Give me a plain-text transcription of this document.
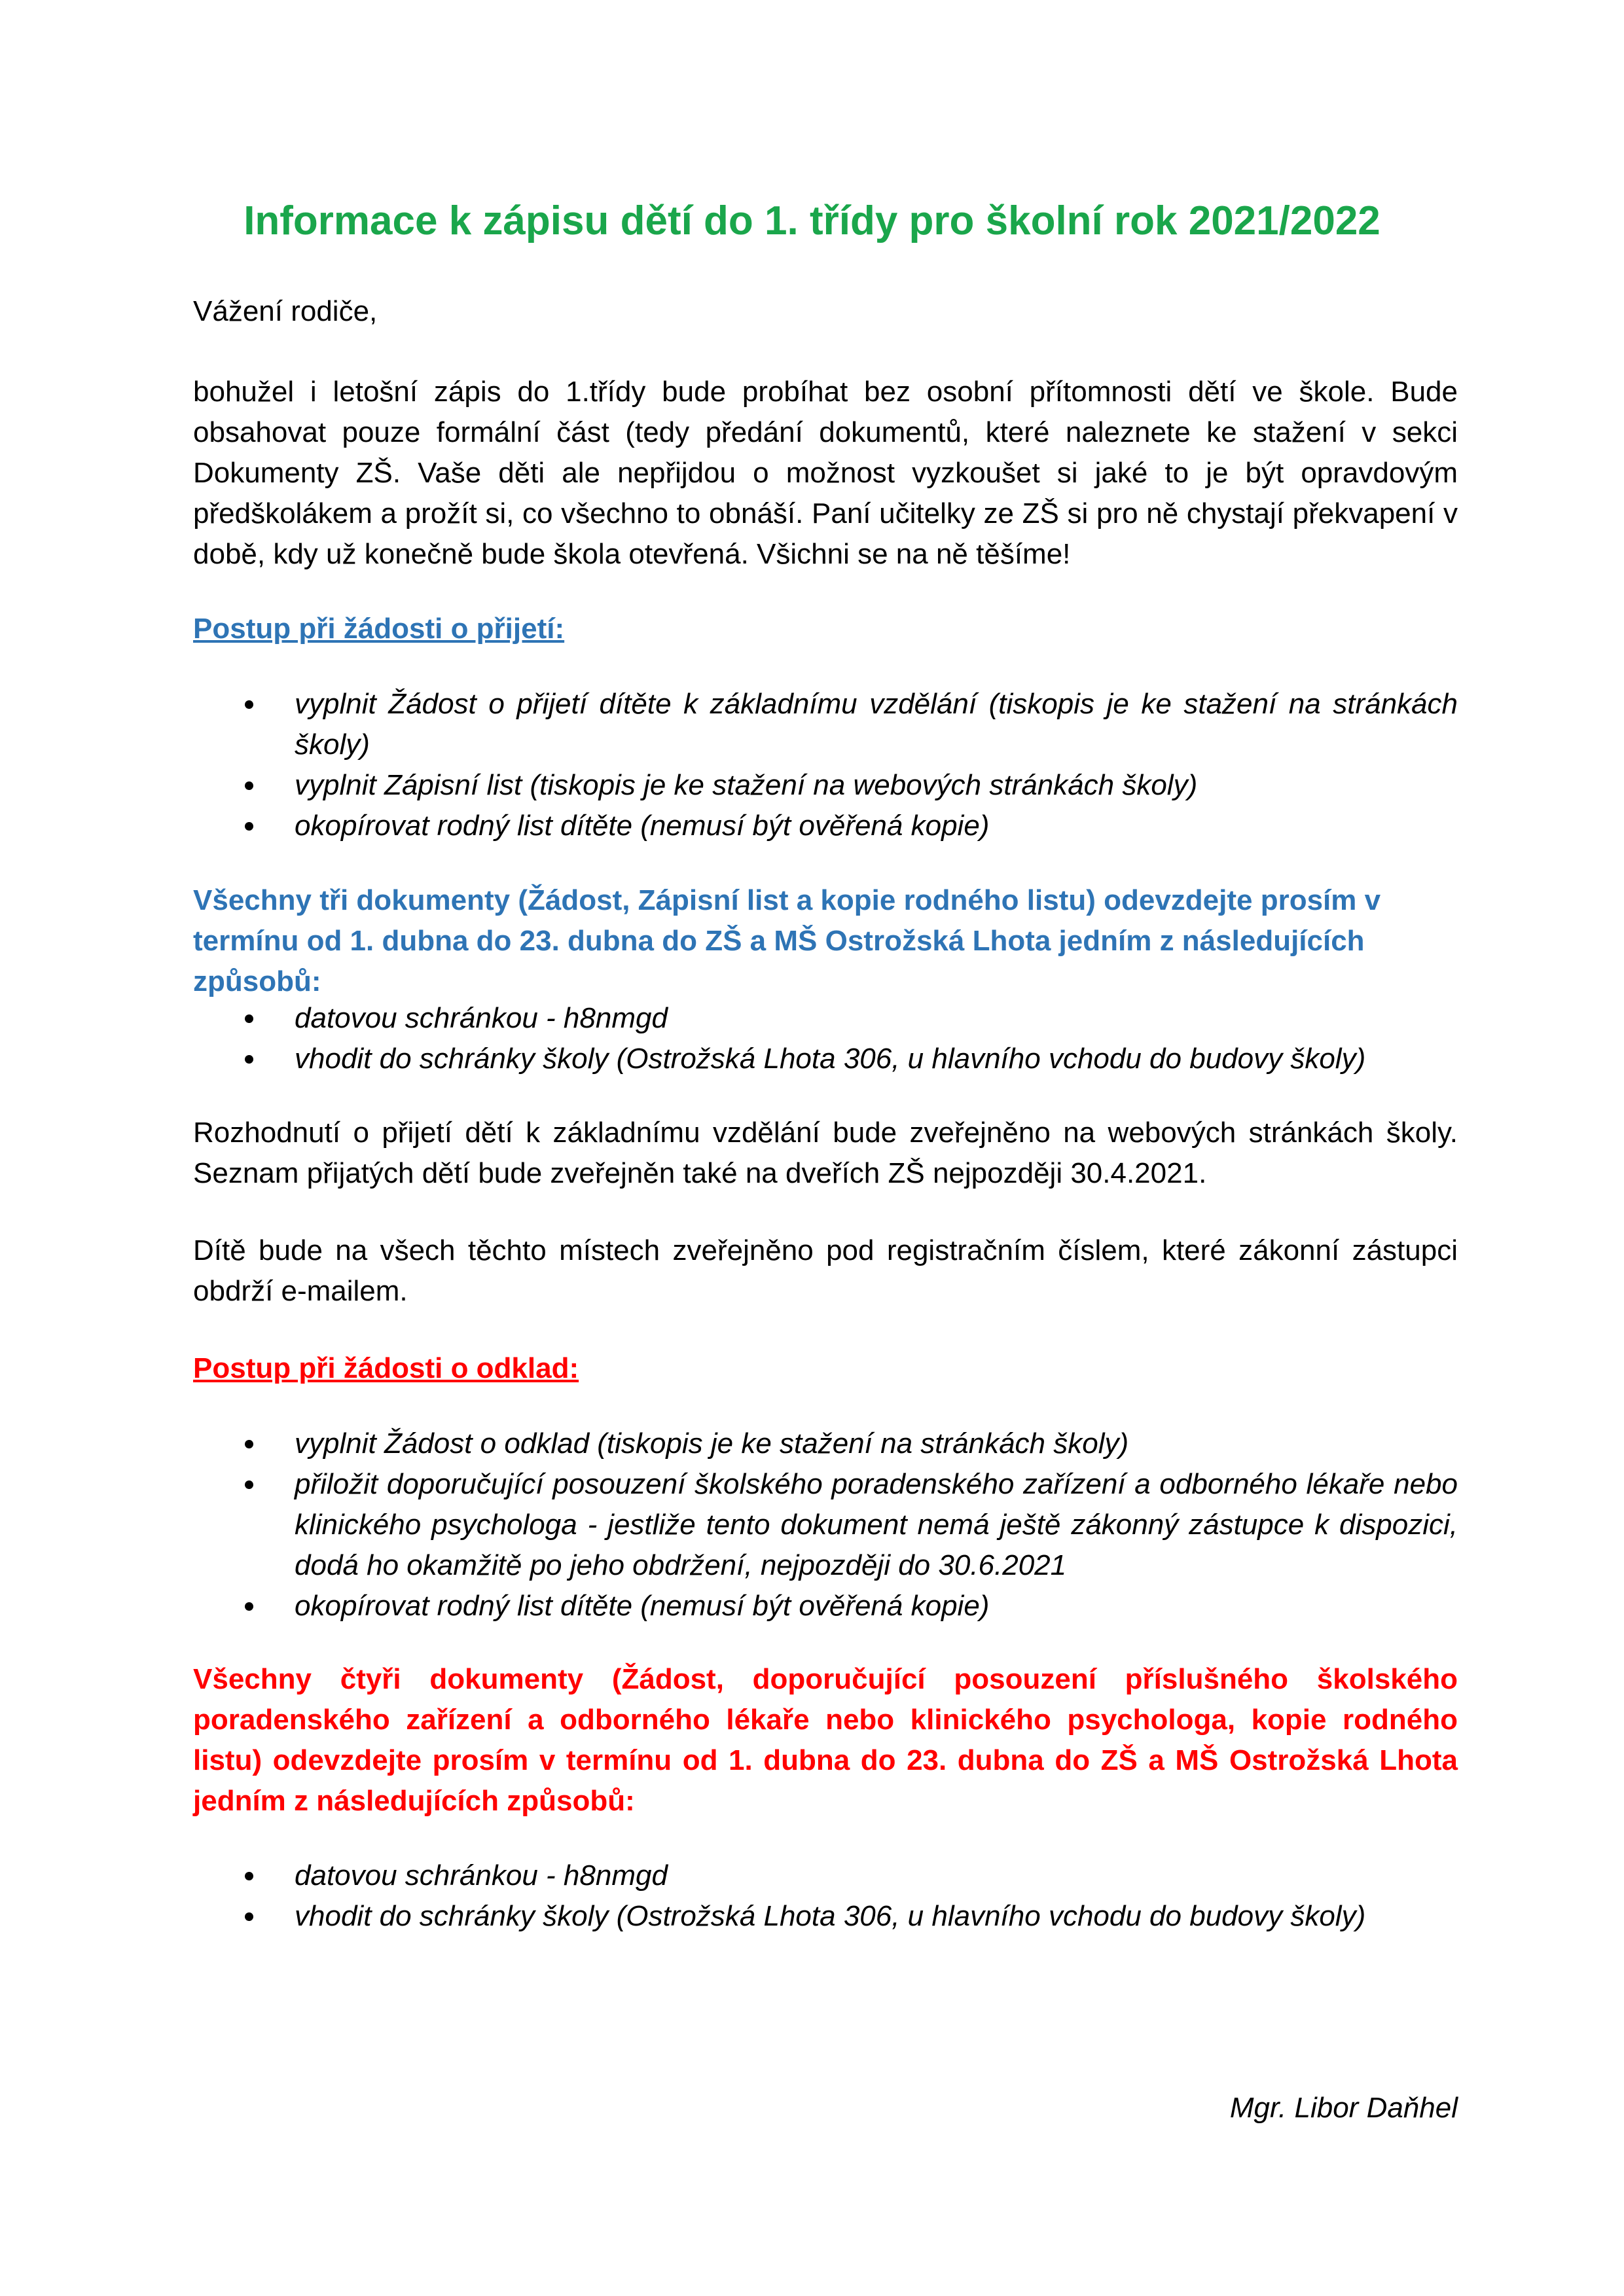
Informace k zápisu dětí do 1. třídy pro školní rok 2021/2022

Vážení rodiče,

bohužel i letošní zápis do 1.třídy bude probíhat bez osobní přítomnosti dětí ve škole. Bude obsahovat pouze formální část (tedy předání dokumentů, které naleznete ke stažení v sekci Dokumenty ZŠ. Vaše děti ale nepřijdou o možnost vyzkoušet si jaké to je být opravdovým předškolákem a prožít si, co všechno to obnáší. Paní učitelky ze ZŠ si pro ně chystají překvapení v době, kdy už konečně bude škola otevřená. Všichni se na ně těšíme!

Postup při žádosti o přijetí:

vyplnit Žádost o přijetí dítěte k základnímu vzdělání (tiskopis je ke stažení na stránkách školy)
vyplnit Zápisní list (tiskopis je ke stažení na webových stránkách školy)
okopírovat rodný list dítěte (nemusí být ověřená kopie)

Všechny tři dokumenty (Žádost, Zápisní list a kopie rodného listu) odevzdejte prosím v termínu od 1. dubna do 23. dubna do ZŠ a MŠ Ostrožská Lhota jedním z následujících způsobů:

datovou schránkou - h8nmgd
vhodit do schránky školy (Ostrožská Lhota 306, u hlavního vchodu do budovy školy)

Rozhodnutí o přijetí dětí k základnímu vzdělání bude zveřejněno na webových stránkách školy. Seznam přijatých dětí bude zveřejněn také na dveřích ZŠ nejpozději 30.4.2021.

Dítě bude na všech těchto místech zveřejněno pod registračním číslem, které zákonní zástupci obdrží e-mailem.

Postup při žádosti o odklad:

vyplnit Žádost o odklad (tiskopis je ke stažení na stránkách školy)
přiložit doporučující posouzení školského poradenského zařízení a odborného lékaře nebo klinického psychologa - jestliže tento dokument nemá ještě zákonný zástupce k dispozici, dodá ho okamžitě po jeho obdržení, nejpozději do 30.6.2021
okopírovat rodný list dítěte (nemusí být ověřená kopie)

Všechny čtyři dokumenty (Žádost, doporučující posouzení příslušného školského poradenského zařízení a odborného lékaře nebo klinického psychologa, kopie rodného listu) odevzdejte prosím v termínu od 1. dubna do 23. dubna do ZŠ a MŠ Ostrožská Lhota jedním z následujících způsobů:

datovou schránkou - h8nmgd
vhodit do schránky školy (Ostrožská Lhota 306, u hlavního vchodu do budovy školy)

Mgr. Libor Daňhel
